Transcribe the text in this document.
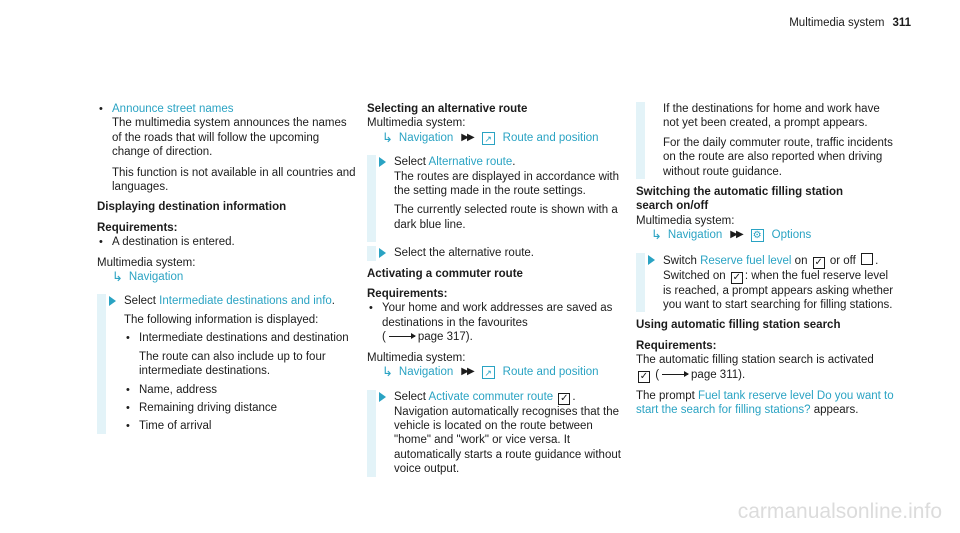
Multimedia system 311
• Announce street names
The multimedia system announces the names of the roads that will follow the upcoming change of direction.
This function is not available in all countries and languages.
Displaying destination information
Requirements:
• A destination is entered.
Multimedia system:
↳ Navigation
Select Intermediate destinations and info.
The following information is displayed:
• Intermediate destinations and destination
The route can also include up to four intermediate destinations.
• Name, address
• Remaining driving distance
• Time of arrival
Selecting an alternative route
Multimedia system:
↳ Navigation ▶▶	↗ Route and position
Select Alternative route.
The routes are displayed in accordance with the setting made in the route settings.
The currently selected route is shown with a dark blue line.
Select the alternative route.
Activating a commuter route
Requirements:
• Your home and work addresses are saved as destinations in the favourites
(	page 317).
Multimedia system:
↳ Navigation ▶▶	↗ Route and position
Select Activate commuter route ✓ .
Navigation automatically recognises that the vehicle is located on the route between "home" and "work" or vice versa. It automatically starts a route guidance without voice output.
If the destinations for home and work have not yet been created, a prompt appears.
For the daily commuter route, traffic incidents on the route are also reported when driving without route guidance.
Switching the automatic filling station
search on/off
Multimedia system:
↳ Navigation ▶▶ ⚙ Options
Switch Reserve fuel level on ✓ or off .
Switched on ✓ : when the fuel reserve level is reached, a prompt appears asking whether you want to start searching for filling stations.
Using automatic filling station search
Requirements:
The automatic filling station search is activated
✓ (	page 311).
The prompt Fuel tank reserve level Do you want to start the search for filling stations? appears.
carmanualsonline.info
